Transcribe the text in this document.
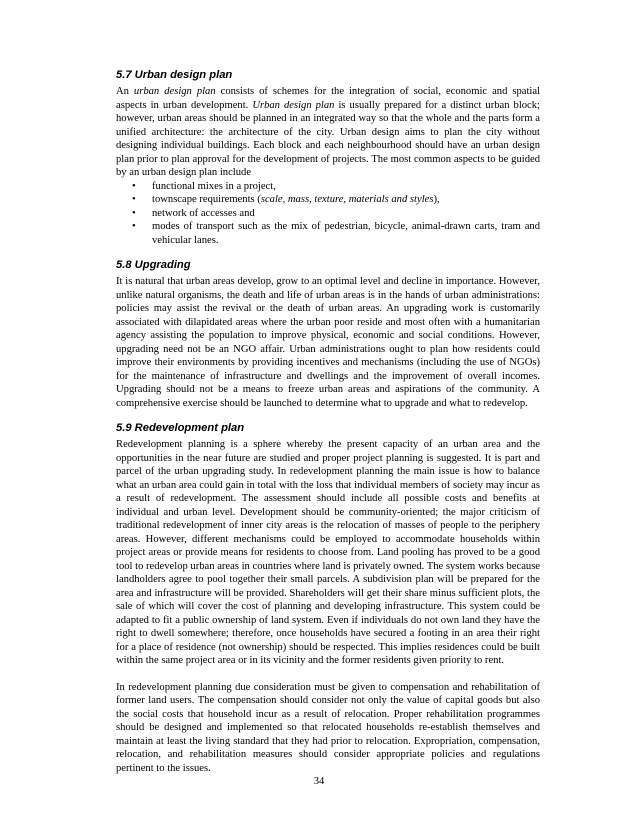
5.7 Urban design plan

An urban design plan consists of schemes for the integration of social, economic and spatial aspects in urban development. Urban design plan is usually prepared for a distinct urban block; however, urban areas should be planned in an integrated way so that the whole and the parts form a unified architecture: the architecture of the city. Urban design aims to plan the city without designing individual buildings. Each block and each neighbourhood should have an urban design plan prior to plan approval for the development of projects. The most common aspects to be guided by an urban design plan include

• functional mixes in a project,
• townscape requirements (scale, mass, texture, materials and styles),
• network of accesses and
• modes of transport such as the mix of pedestrian, bicycle, animal-drawn carts, tram and vehicular lanes.
5.8 Upgrading

It is natural that urban areas develop, grow to an optimal level and decline in importance. However, unlike natural organisms, the death and life of urban areas is in the hands of urban administrations: policies may assist the revival or the death of urban areas. An upgrading work is customarily associated with dilapidated areas where the urban poor reside and most often with a humanitarian agency assisting the population to improve physical, economic and social conditions. However, upgrading need not be an NGO affair. Urban administrations ought to plan how residents could improve their environments by providing incentives and mechanisms (including the use of NGOs) for the maintenance of infrastructure and dwellings and the improvement of overall incomes. Upgrading should not be a means to freeze urban areas and aspirations of the community. A comprehensive exercise should be launched to determine what to upgrade and what to redevelop.

5.9 Redevelopment plan

Redevelopment planning is a sphere whereby the present capacity of an urban area and the opportunities in the near future are studied and proper project planning is suggested. It is part and parcel of the urban upgrading study. In redevelopment planning the main issue is how to balance what an urban area could gain in total with the loss that individual members of society may incur as a result of redevelopment. The assessment should include all possible costs and benefits at individual and urban level. Development should be community-oriented; the major criticism of traditional redevelopment of inner city areas is the relocation of masses of people to the periphery areas. However, different mechanisms could be employed to accommodate households within project areas or provide means for residents to choose from. Land pooling has proved to be a good tool to redevelop urban areas in countries where land is privately owned. The system works because landholders agree to pool together their small parcels. A subdivision plan will be prepared for the area and infrastructure will be provided. Shareholders will get their share minus sufficient plots, the sale of which will cover the cost of planning and developing infrastructure. This system could be adapted to fit a public ownership of land system. Even if individuals do not own land they have the right to dwell somewhere; therefore, once households have secured a footing in an area their right for a place of residence (not ownership) should be respected. This implies residences could be built within the same project area or in its vicinity and the former residents given priority to rent.

In redevelopment planning due consideration must be given to compensation and rehabilitation of former land users. The compensation should consider not only the value of capital goods but also the social costs that household incur as a result of relocation. Proper rehabilitation programmes should be designed and implemented so that relocated households re-establish themselves and maintain at least the living standard that they had prior to relocation. Expropriation, compensation, relocation, and rehabilitation measures should consider appropriate policies and regulations pertinent to the issues.

34
